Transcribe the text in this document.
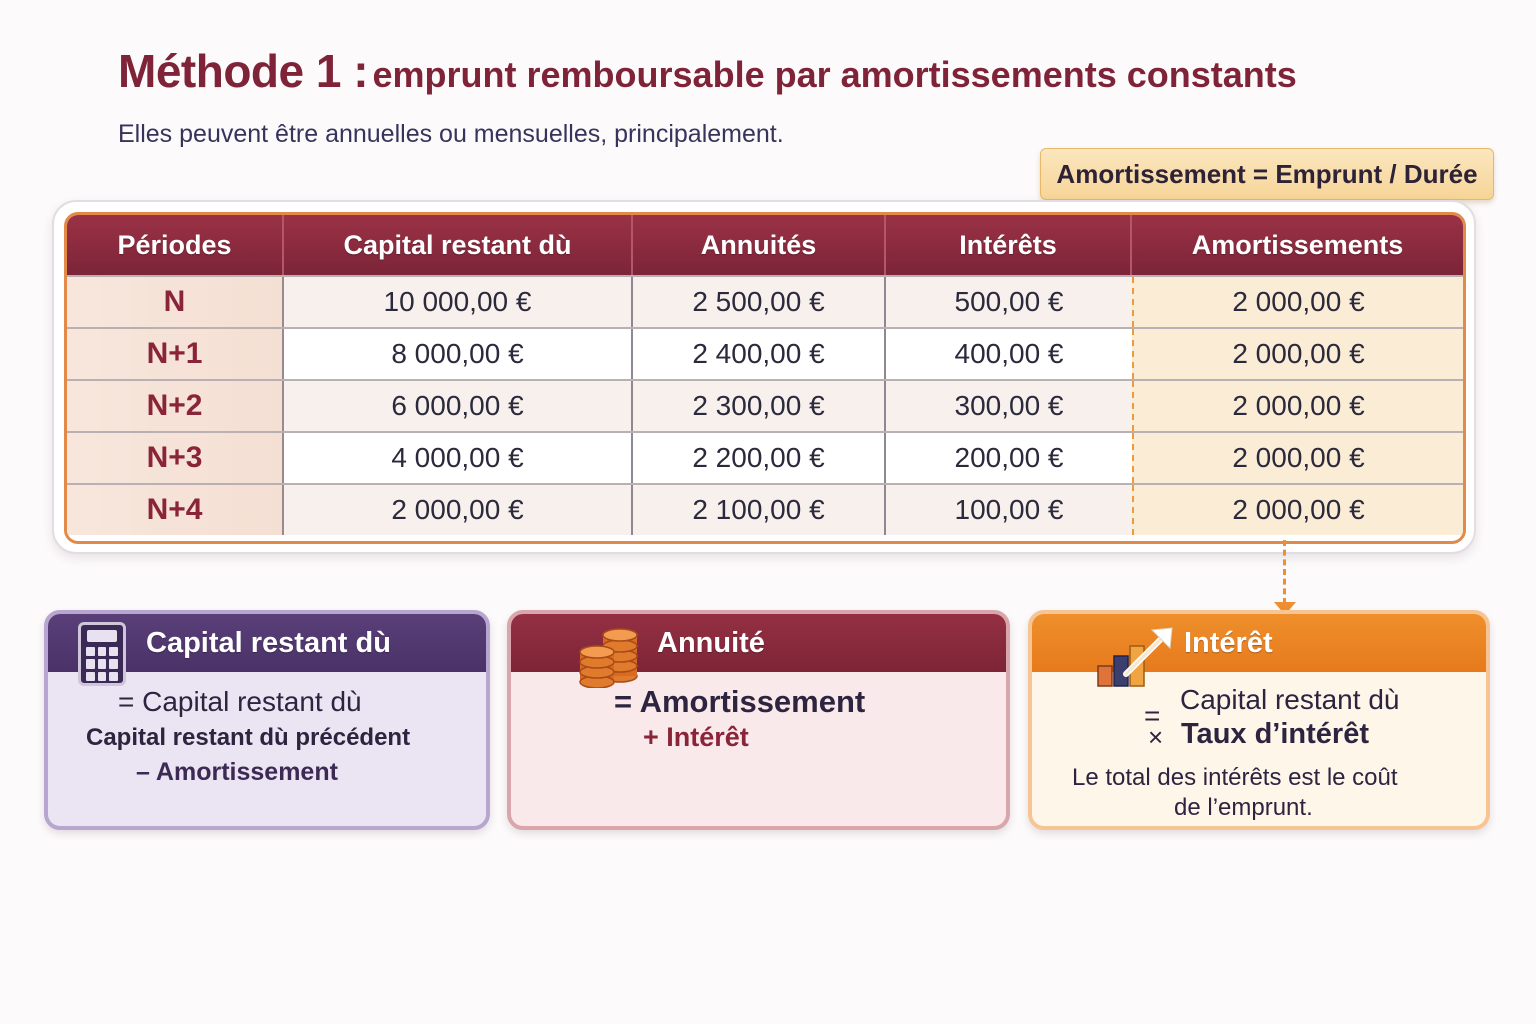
Méthode 1 : emprunt remboursable par amortissements constants
Elles peuvent être annuelles ou mensuelles, principalement.
Amortissement = Emprunt / Durée
Périodes	Capital restant dù	Annuités	Intérêts	Amortissements
N	10 000,00 €	2 500,00 €	500,00 €	2 000,00 €
N+1	8 000,00 €	2 400,00 €	400,00 €	2 000,00 €
N+2	6 000,00 €	2 300,00 €	300,00 €	2 000,00 €
N+3	4 000,00 €	2 200,00 €	200,00 €	2 000,00 €
N+4	2 000,00 €	2 100,00 €	100,00 €	2 000,00 €
Capital restant dù
= Capital restant dù
Capital restant dù précédent
– Amortissement
Annuité
= Amortissement
+ Intérêt
Intérêt
=
Capital restant dù
× Taux d’intérêt
Le total des intérêts est le coût
de l’emprunt.
